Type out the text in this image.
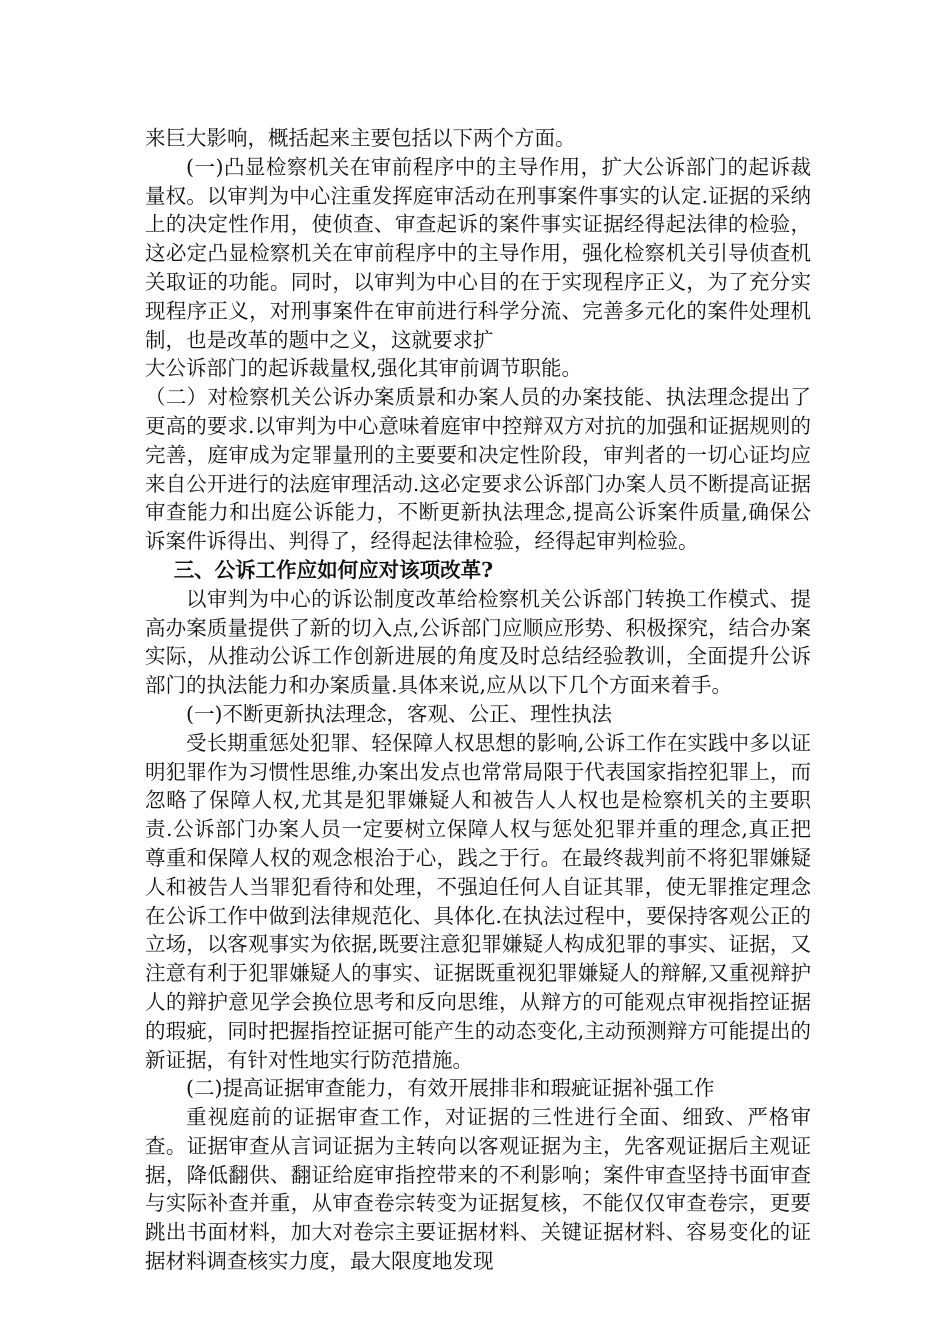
来巨大影响，概括起来主要包括以下两个方面。

(一)凸显检察机关在审前程序中的主导作用，扩大公诉部门的起诉裁量权。以审判为中心注重发挥庭审活动在刑事案件事实的认定.证据的采纳上的决定性作用，使侦查、审查起诉的案件事实证据经得起法律的检验，这必定凸显检察机关在审前程序中的主导作用，强化检察机关引导侦查机关取证的功能。同时，以审判为中心目的在于实现程序正义，为了充分实现程序正义，对刑事案件在审前进行科学分流、完善多元化的案件处理机制，也是改革的题中之义，这就要求扩

大公诉部门的起诉裁量权,强化其审前调节职能。

（二）对检察机关公诉办案质景和办案人员的办案技能、执法理念提出了更高的要求.以审判为中心意味着庭审中控辩双方对抗的加强和证据规则的完善，庭审成为定罪量刑的主要要和决定性阶段，审判者的一切心证均应来自公开进行的法庭审理活动.这必定要求公诉部门办案人员不断提高证据审查能力和出庭公诉能力，不断更新执法理念,提高公诉案件质量,确保公诉案件诉得出、判得了，经得起法律检验，经得起审判检验。

三、公诉工作应如何应对该项改革?

以审判为中心的诉讼制度改革给检察机关公诉部门转换工作模式、提高办案质量提供了新的切入点,公诉部门应顺应形势、积极探究，结合办案实际，从推动公诉工作创新进展的角度及时总结经验教训，全面提升公诉部门的执法能力和办案质量.具体来说,应从以下几个方面来着手。

(一)不断更新执法理念，客观、公正、理性执法

受长期重惩处犯罪、轻保障人权思想的影响,公诉工作在实践中多以证明犯罪作为习惯性思维,办案出发点也常常局限于代表国家指控犯罪上，而忽略了保障人权,尤其是犯罪嫌疑人和被告人人权也是检察机关的主要职责.公诉部门办案人员一定要树立保障人权与惩处犯罪并重的理念,真正把尊重和保障人权的观念根治于心，践之于行。在最终裁判前不将犯罪嫌疑人和被告人当罪犯看待和处理，不强迫任何人自证其罪，使无罪推定理念在公诉工作中做到法律规范化、具体化.在执法过程中，要保持客观公正的立场，以客观事实为依据,既要注意犯罪嫌疑人构成犯罪的事实、证据，又注意有利于犯罪嫌疑人的事实、证据既重视犯罪嫌疑人的辩解,又重视辩护人的辩护意见学会换位思考和反向思维，从辩方的可能观点审视指控证据的瑕疵，同时把握指控证据可能产生的动态变化,主动预测辩方可能提出的新证据，有针对性地实行防范措施。

(二)提高证据审查能力，有效开展排非和瑕疵证据补强工作

重视庭前的证据审查工作，对证据的三性进行全面、细致、严格审查。证据审查从言词证据为主转向以客观证据为主，先客观证据后主观证据，降低翻供、翻证给庭审指控带来的不利影响；案件审查坚持书面审查与实际补查并重，从审查卷宗转变为证据复核，不能仅仅审查卷宗，更要跳出书面材料，加大对卷宗主要证据材料、关键证据材料、容易变化的证据材料调查核实力度，最大限度地发现
